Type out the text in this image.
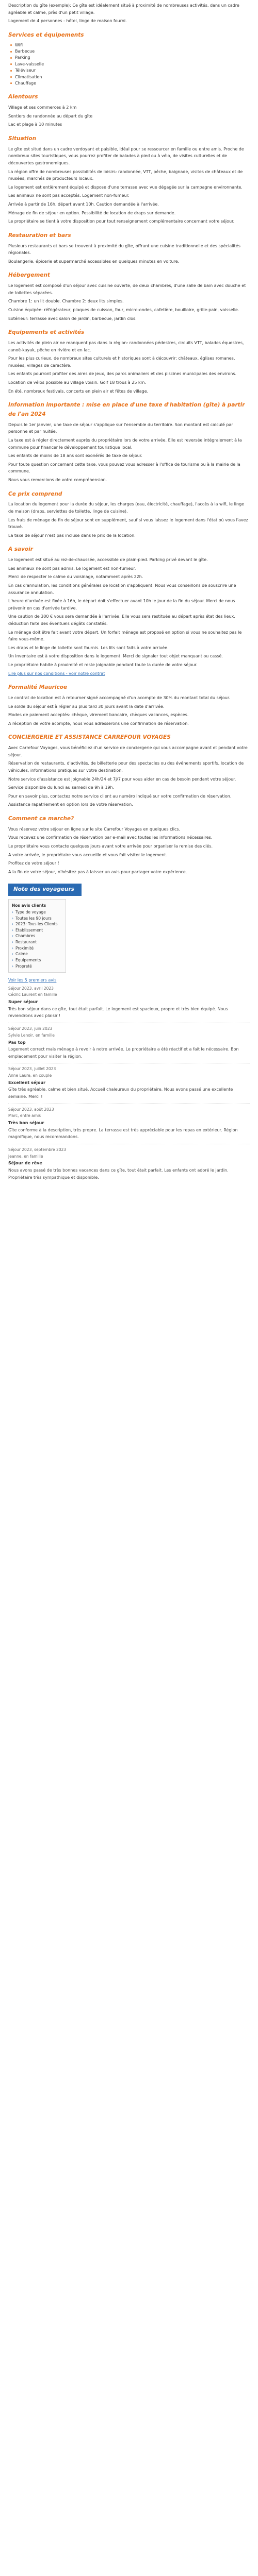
Description du gîte (exemple): Ce gîte est idéalement situé à proximité de nombreuses activités, dans un cadre agréable et calme, près d'un petit village.

Logement de 4 personnes - hôtel, linge de maison fourni.

Services et équipements
Wifi
Barbecue
Parking
Lave-vaisselle
Téléviseur
Climatisation
Chauffage
Alentours

Village et ses commerces à 2 km

Sentiers de randonnée au départ du gîte

Lac et plage à 10 minutes

Situation

Le gîte est situé dans un cadre verdoyant et paisible, idéal pour se ressourcer en famille ou entre amis. Proche de nombreux sites touristiques, vous pourrez profiter de balades à pied ou à vélo, de visites culturelles et de découvertes gastronomiques.

La région offre de nombreuses possibilités de loisirs: randonnée, VTT, pêche, baignade, visites de châteaux et de musées, marchés de producteurs locaux.

Le logement est entièrement équipé et dispose d'une terrasse avec vue dégagée sur la campagne environnante.

Les animaux ne sont pas acceptés. Logement non-fumeur.

Arrivée à partir de 16h, départ avant 10h. Caution demandée à l'arrivée.

Ménage de fin de séjour en option. Possibilité de location de draps sur demande.

Le propriétaire se tient à votre disposition pour tout renseignement complémentaire concernant votre séjour.

Restauration et bars

Plusieurs restaurants et bars se trouvent à proximité du gîte, offrant une cuisine traditionnelle et des spécialités régionales.

Boulangerie, épicerie et supermarché accessibles en quelques minutes en voiture.

Hébergement

Le logement est composé d'un séjour avec cuisine ouverte, de deux chambres, d'une salle de bain avec douche et de toilettes séparées.

Chambre 1: un lit double. Chambre 2: deux lits simples.

Cuisine équipée: réfrigérateur, plaques de cuisson, four, micro-ondes, cafetière, bouilloire, grille-pain, vaisselle.

Extérieur: terrasse avec salon de jardin, barbecue, jardin clos.

Equipements et activités

Les activités de plein air ne manquent pas dans la région: randonnées pédestres, circuits VTT, balades équestres, canoë-kayak, pêche en rivière et en lac.

Pour les plus curieux, de nombreux sites culturels et historiques sont à découvrir: châteaux, églises romanes, musées, villages de caractère.

Les enfants pourront profiter des aires de jeux, des parcs animaliers et des piscines municipales des environs.

Location de vélos possible au village voisin. Golf 18 trous à 25 km.

En été, nombreux festivals, concerts en plein air et fêtes de village.

Information importante : mise en place d'une taxe d'habitation (gîte) à partir de l'an 2024

Depuis le 1er janvier, une taxe de séjour s'applique sur l'ensemble du territoire. Son montant est calculé par personne et par nuitée.

La taxe est à régler directement auprès du propriétaire lors de votre arrivée. Elle est reversée intégralement à la commune pour financer le développement touristique local.

Les enfants de moins de 18 ans sont exonérés de taxe de séjour.

Pour toute question concernant cette taxe, vous pouvez vous adresser à l'office de tourisme ou à la mairie de la commune.

Nous vous remercions de votre compréhension.

Ce prix comprend

La location du logement pour la durée du séjour, les charges (eau, électricité, chauffage), l'accès à la wifi, le linge de maison (draps, serviettes de toilette, linge de cuisine).

Les frais de ménage de fin de séjour sont en supplément, sauf si vous laissez le logement dans l'état où vous l'avez trouvé.

La taxe de séjour n'est pas incluse dans le prix de la location.

A savoir

Le logement est situé au rez-de-chaussée, accessible de plain-pied. Parking privé devant le gîte.

Les animaux ne sont pas admis. Le logement est non-fumeur.

Merci de respecter le calme du voisinage, notamment après 22h.

En cas d'annulation, les conditions générales de location s'appliquent. Nous vous conseillons de souscrire une assurance annulation.

L'heure d'arrivée est fixée à 16h, le départ doit s'effectuer avant 10h le jour de la fin du séjour. Merci de nous prévenir en cas d'arrivée tardive.

Une caution de 300 € vous sera demandée à l'arrivée. Elle vous sera restituée au départ après état des lieux, déduction faite des éventuels dégâts constatés.

Le ménage doit être fait avant votre départ. Un forfait ménage est proposé en option si vous ne souhaitez pas le faire vous-même.

Les draps et le linge de toilette sont fournis. Les lits sont faits à votre arrivée.

Un inventaire est à votre disposition dans le logement. Merci de signaler tout objet manquant ou cassé.

Le propriétaire habite à proximité et reste joignable pendant toute la durée de votre séjour.

Lire plus sur nos conditions - voir notre contrat

Formalité Mauricoe

Le contrat de location est à retourner signé accompagné d'un acompte de 30% du montant total du séjour.

Le solde du séjour est à régler au plus tard 30 jours avant la date d'arrivée.

Modes de paiement acceptés: chèque, virement bancaire, chèques vacances, espèces.

A réception de votre acompte, nous vous adresserons une confirmation de réservation.

CONCIERGERIE ET ASSISTANCE CARREFOUR VOYAGES

Avec Carrefour Voyages, vous bénéficiez d'un service de conciergerie qui vous accompagne avant et pendant votre séjour.

Réservation de restaurants, d'activités, de billetterie pour des spectacles ou des événements sportifs, location de véhicules, informations pratiques sur votre destination.

Notre service d'assistance est joignable 24h/24 et 7j/7 pour vous aider en cas de besoin pendant votre séjour.

Service disponible du lundi au samedi de 9h à 19h.

Pour en savoir plus, contactez notre service client au numéro indiqué sur votre confirmation de réservation.

Assistance rapatriement en option lors de votre réservation.

Comment ça marche?

Vous réservez votre séjour en ligne sur le site Carrefour Voyages en quelques clics.

Vous recevez une confirmation de réservation par e-mail avec toutes les informations nécessaires.

Le propriétaire vous contacte quelques jours avant votre arrivée pour organiser la remise des clés.

A votre arrivée, le propriétaire vous accueille et vous fait visiter le logement.

Profitez de votre séjour !

A la fin de votre séjour, n'hésitez pas à laisser un avis pour partager votre expérience.

Note des voyageurs
Nos avis clients
› Type de voyage
› Toutes les 90 jours
› 2023: Tous les Clients
› Etablissement
› Chambres
› Restaurant
› Proximité
› Calme
› Equipements
› Propreté

Voir les 5 premiers avis

Séjour 2023, avril 2023
Cédric Laurent en famille
Super séjour
Très bon séjour dans ce gîte, tout était parfait. Le logement est spacieux, propre et très bien équipé. Nous reviendrons avec plaisir !
Séjour 2023, juin 2023
Sylvie Lenoir, en famille
Pas top
Logement correct mais ménage à revoir à notre arrivée. Le propriétaire a été réactif et a fait le nécessaire. Bon emplacement pour visiter la région.
Séjour 2023, juillet 2023
Anne Laure, en couple
Excellent séjour
Gîte très agréable, calme et bien situé. Accueil chaleureux du propriétaire. Nous avons passé une excellente semaine. Merci !
Séjour 2023, août 2023
Marc, entre amis
Très bon séjour
Gîte conforme à la description, très propre. La terrasse est très appréciable pour les repas en extérieur. Région magnifique, nous recommandons.
Séjour 2023, septembre 2023
Jeanne, en famille
Séjour de rêve
Nous avons passé de très bonnes vacances dans ce gîte, tout était parfait. Les enfants ont adoré le jardin. Propriétaire très sympathique et disponible.
